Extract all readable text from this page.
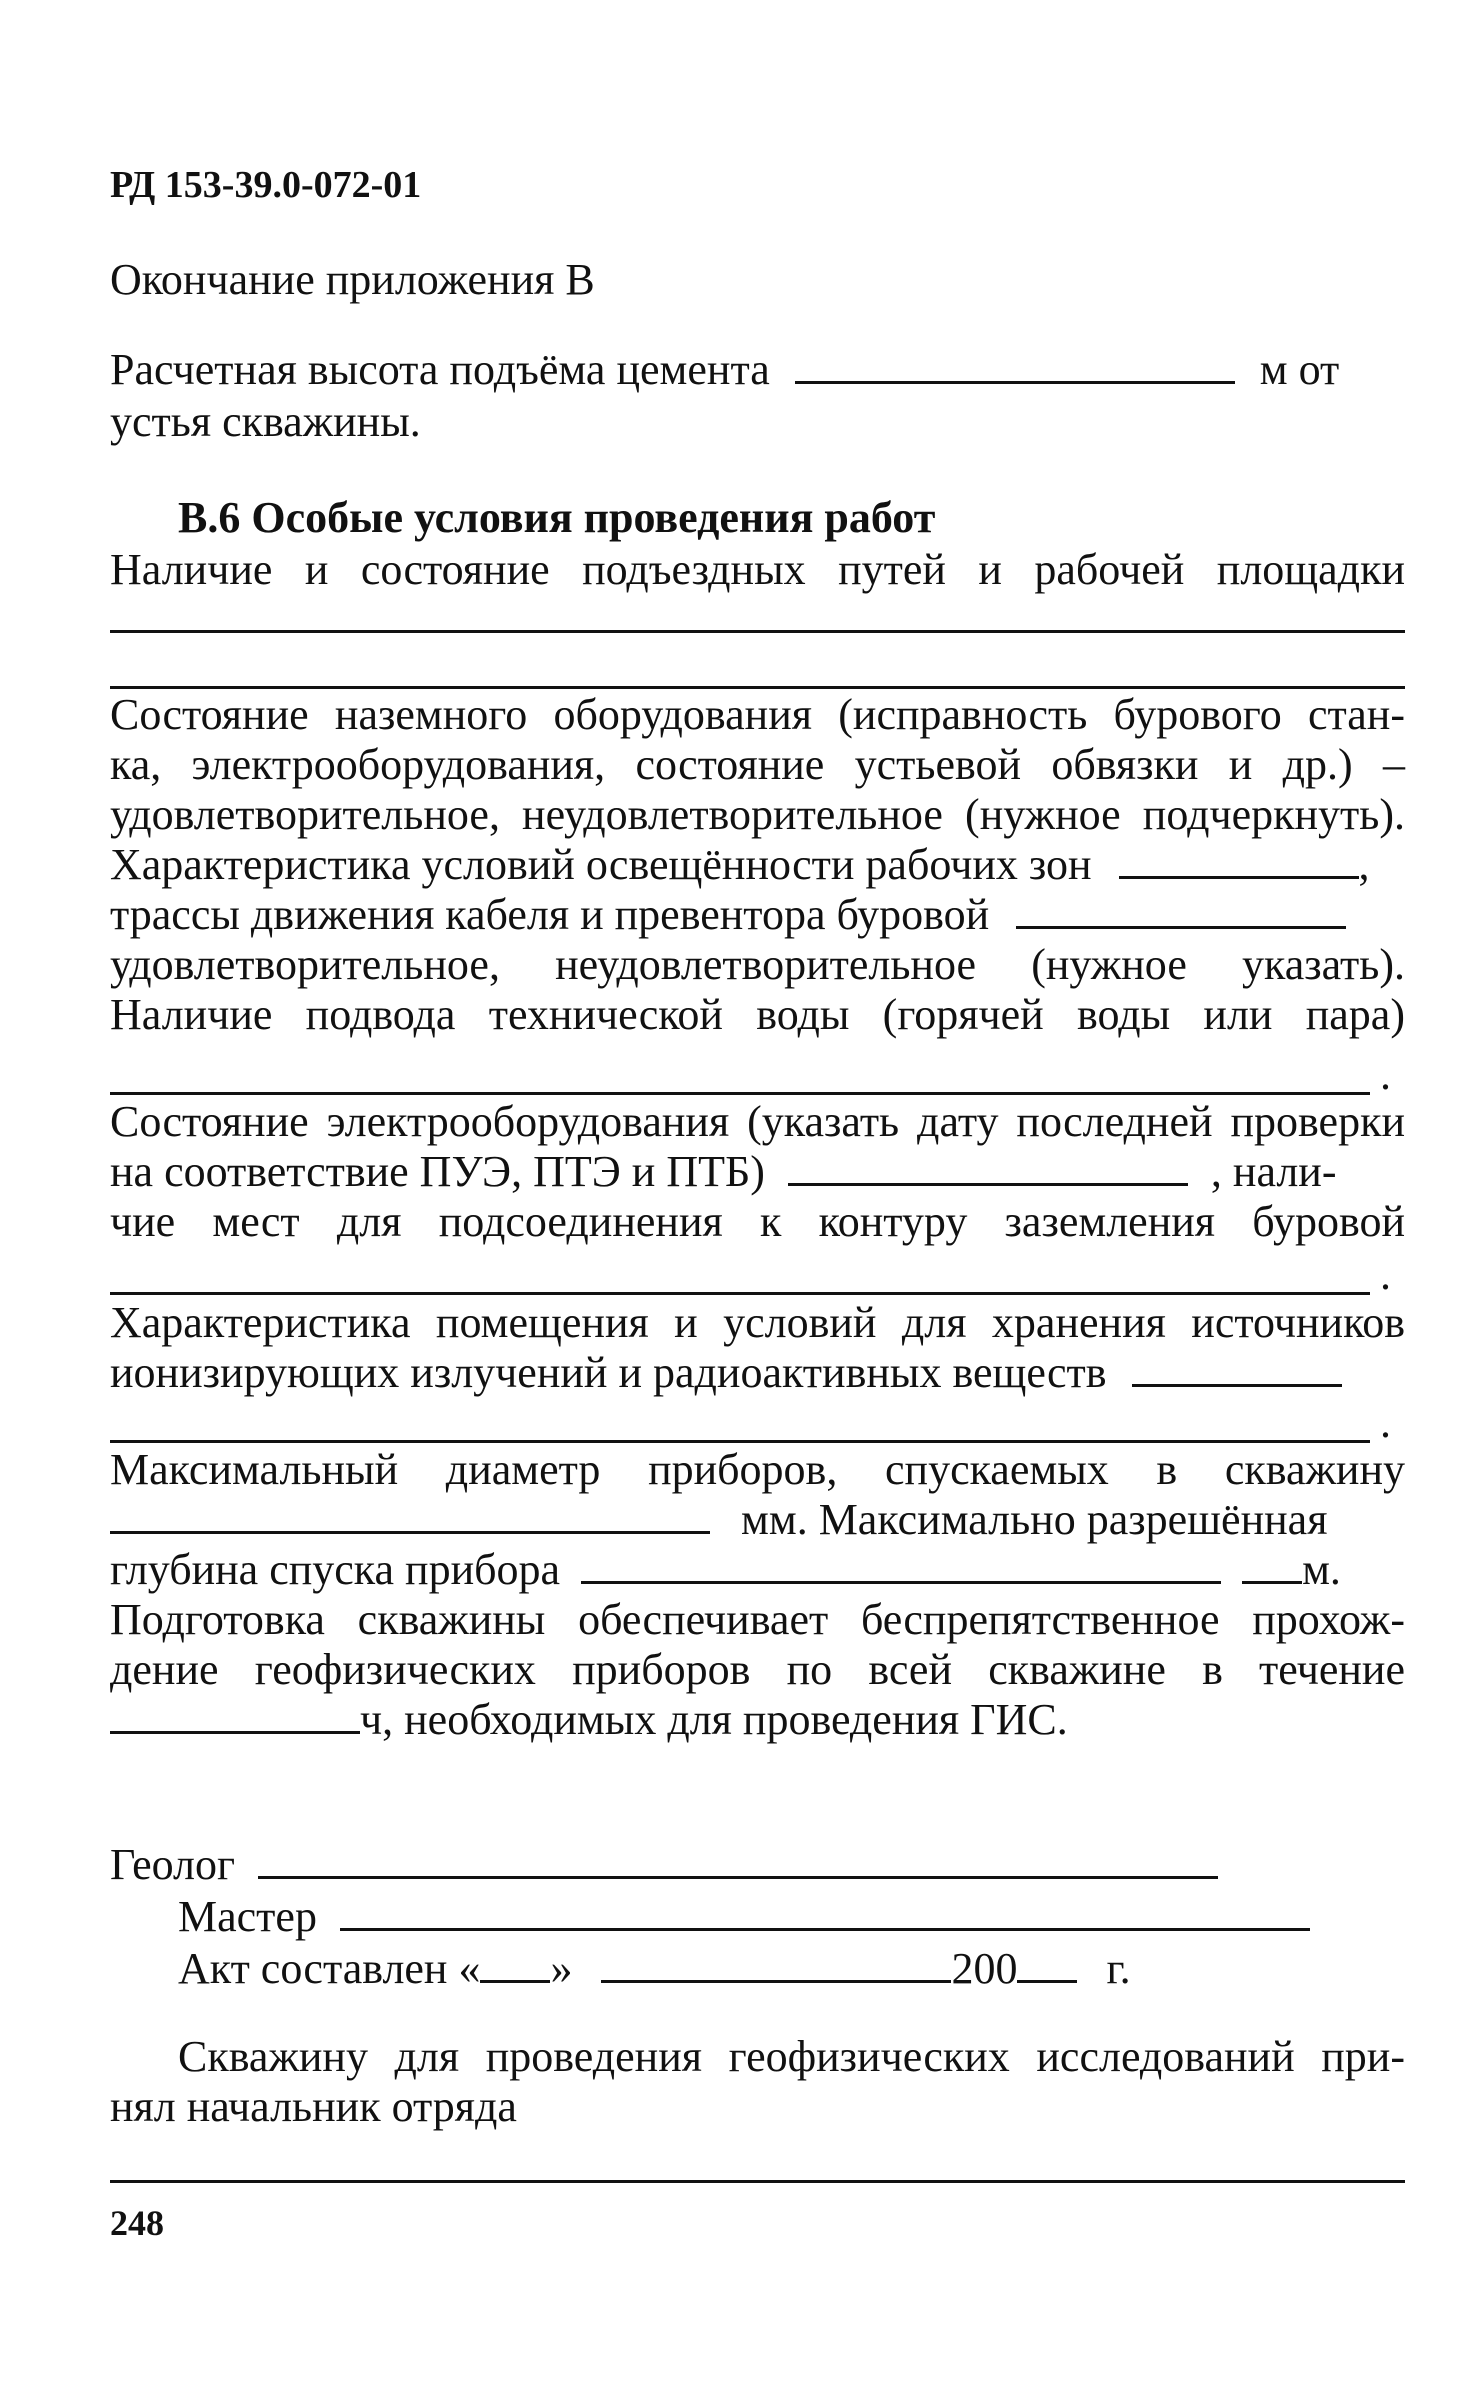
РД 153-39.0-072-01
Окончание приложения В
Расчетная высота подъёма цемента	м от
устья скважины.
В.6 Особые условия проведения работ
Наличие и состояние подъездных путей и рабочей площадки
Состояние наземного оборудования (исправность бурового стан-
ка, электрооборудования, состояние устьевой обвязки и др.) –
удовлетворительное, неудовлетворительное (нужное подчеркнуть).
Характеристика условий освещённости рабочих зон	,
трассы движения кабеля и превентора буровой
удовлетворительное, неудовлетворительное (нужное указать).
Наличие подвода технической воды (горячей воды или пара)
.
Состояние электрооборудования (указать дату последней проверки
на соответствие ПУЭ, ПТЭ и ПТБ)	, нали-
чие мест для подсоединения к контуру заземления буровой
.
Характеристика помещения и условий для хранения источников
ионизирующих излучений и радиоактивных веществ
.
Максимальный диаметр приборов, спускаемых в скважину
мм. Максимально разрешённая
глубина спуска прибора	м.
Подготовка скважины обеспечивает беспрепятственное прохож-
дение геофизических приборов по всей скважине в течение
ч, необходимых для проведения ГИС.
Геолог
Мастер
Акт составлен « »	200 г.
Скважину для проведения геофизических исследований при-
нял начальник отряда
248
